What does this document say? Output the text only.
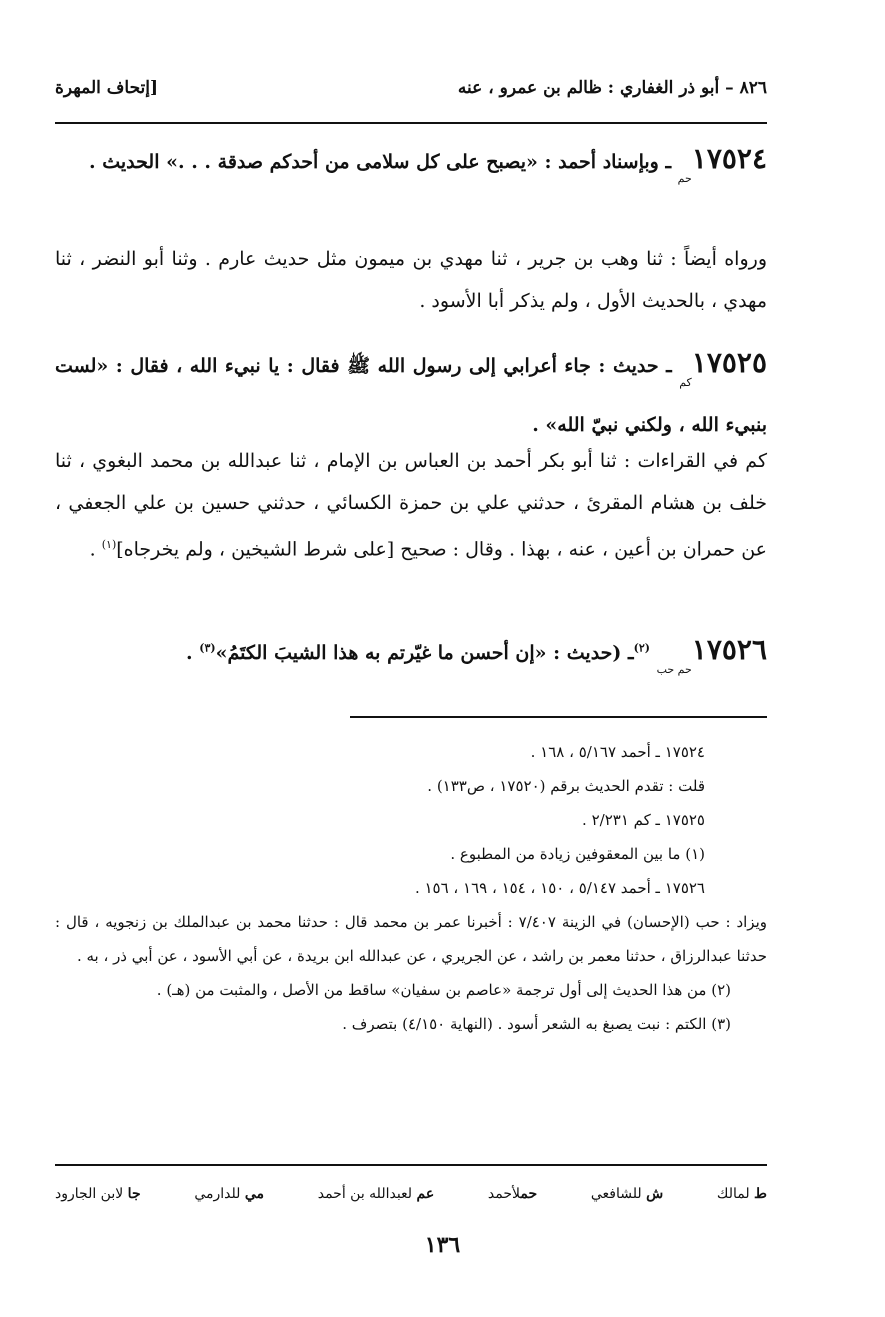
٨٢٦ – أبو ذر الغفاري : ظالم بن عمرو ، عنه
[إتحاف المهرة
$١٧٥٢٤_{حم}$ ـ وبإسناد أحمد : «يصبح على كل سلامى من أحدكم صدقة . . .» الحديث .
ورواه أيضاً : ثنا وهب بن جرير ، ثنا مهدي بن ميمون مثل حديث عارم . وثنا أبو النضر ، ثنا مهدي ، بالحديث الأول ، ولم يذكر أبا الأسود .
$١٧٥٢٥_{كم}$ ـ حديث : جاء أعرابي إلى رسول الله ﷺ فقال : يا نبيء الله ، فقال : «لست بنبيء الله ، ولكني نبيّ الله» .
كم في القراءات : ثنا أبو بكر أحمد بن العباس بن الإمام ، ثنا عبدالله بن محمد البغوي ، ثنا خلف بن هشام المقرئ ، حدثني علي بن حمزة الكسائي ، حدثني حسين بن علي الجعفي ، عن حمران بن أعين ، عنه ، بهذا . وقال : صحيح [على شرط الشيخين ، ولم يخرجاه]$^{(١)}$ .
$١٧٥٢٦_{حم حب}$ $^{(٢)}$ـ (حديث : «إن أحسن ما غيّرتم به هذا الشيبَ الكتَمُ»$^{(٣)}$ .
١٧٥٢٤ ـ أحمد ٥/١٦٧ ، ١٦٨ .
قلت : تقدم الحديث برقم (١٧٥٢٠ ، ص١٣٣) .
١٧٥٢٥ ـ كم ٢/٢٣١ .
(١) ما بين المعقوفين زيادة من المطبوع .
١٧٥٢٦ ـ أحمد ٥/١٤٧ ، ١٥٠ ، ١٥٤ ، ١٦٩ ، ١٥٦ .
ويزاد : حب (الإحسان) في الزينة ٧/٤٠٧ : أخبرنا عمر بن محمد قال : حدثنا محمد بن عبدالملك بن زنجويه ، قال : حدثنا عبدالرزاق ، حدثنا معمر بن راشد ، عن الجريري ، عن عبدالله ابن بريدة ، عن أبي الأسود ، عن أبي ذر ، به .
(٢) من هذا الحديث إلى أول ترجمة «عاصم بن سفيان» ساقط من الأصل ، والمثبت من (هـ) .
(٣) الكتم : نبت يصبغ به الشعر أسود . (النهاية ٤/١٥٠) بتصرف .
ط لمالك
ش للشافعي
حملأحمد
عم لعبدالله بن أحمد
مي للدارمي
جا لابن الجارود
١٣٦
